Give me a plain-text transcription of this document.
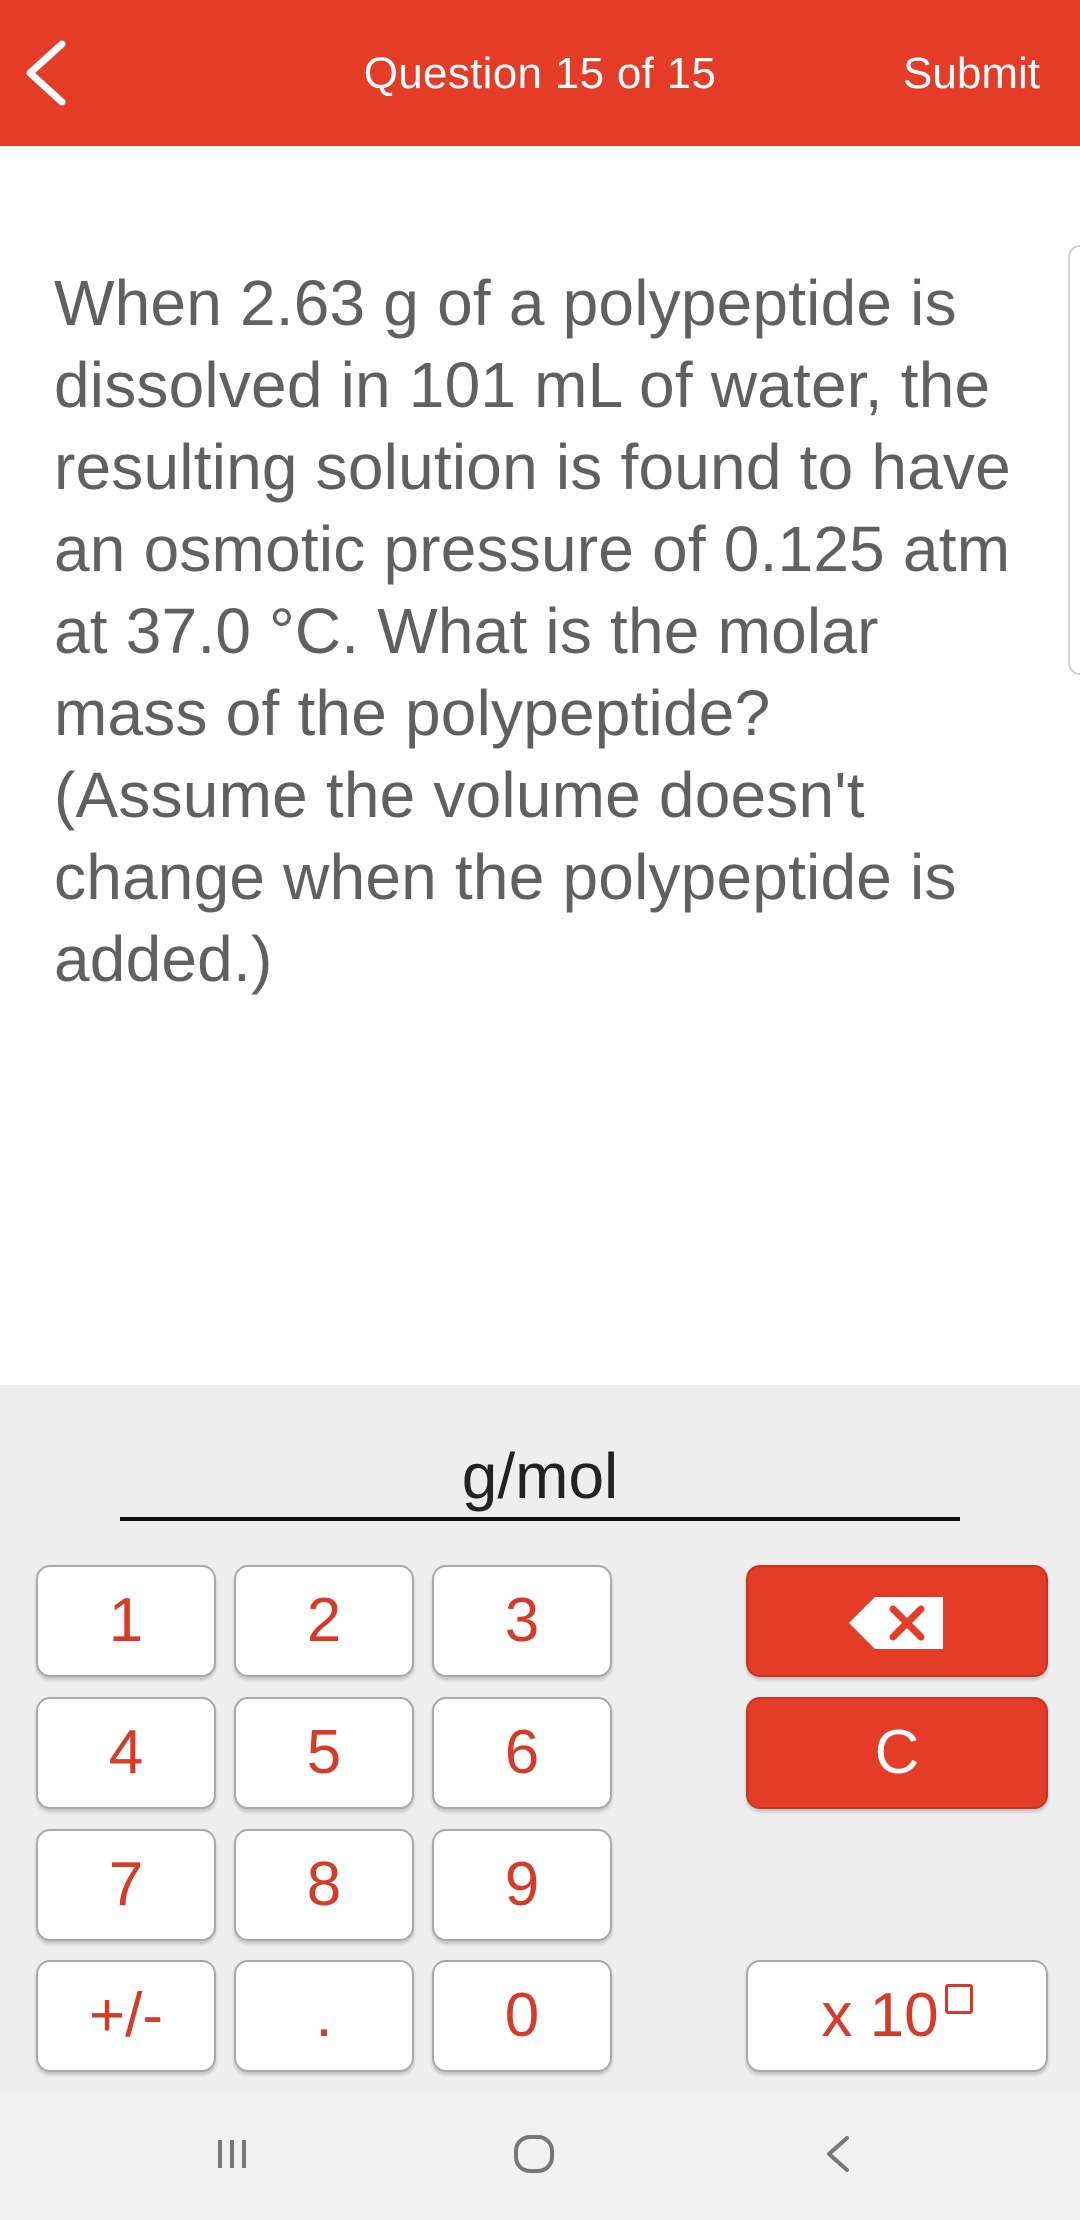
Question 15 of 15	Submit
When 2.63 g of a polypeptide is dissolved in 101 mL of water, the resulting solution is found to have an osmotic pressure of 0.125 atm at 37.0 °C. What is the molar mass of the polypeptide? (Assume the volume doesn't change when the polypeptide is added.)
g/mol
1	2	3
4	5	6	C
7	8	9
+/-	.	0	x 10
